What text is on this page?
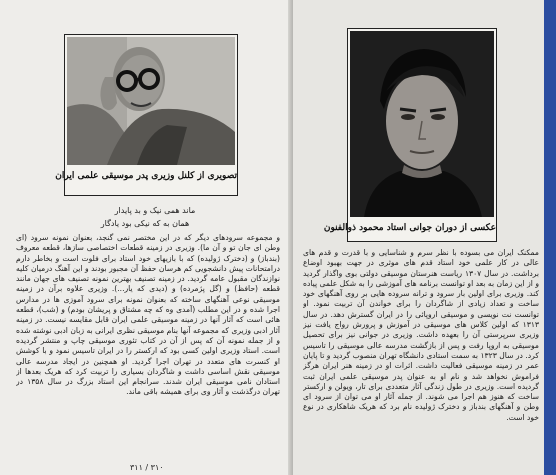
تصویری از کلنل وزیری پدر موسیقی علمی ایران
ماند همی نیک و بد پایدار
همان به که نیکی بود یادگار

و مجموعه سرودهای دیگر که در این مختصر نمی گنجد، بعنوان نمونه سرود (ای وطن ای جان تو و آن ما). وزیری در زمینه قطعات اختصاصی سازها، قطعه معروف (بندباز) و (دخترک ژولیده) که با بازیهای خود استاد برای فلوت است و بخاطر دارم درامتحانات پیش دانشجویی کم هرسان حفظ آن مجبور بودند و این آهنگ درمیان کلیه نوازندگان مقبول عامه گردید. در زمینه تصنیف بهترین نمونه تصنیف های جهان مانند قطعه (حافظ) و (گل پژمرده) و (دیدی که یار...). وزیری علاوه برآن در زمینه موسیقی نوعی آهنگهای ساخته که بعنوان نمونه برای سرود آموزی ها در مدارس اجرا شده و در این مطلب (آمدی وه که چه مشتاق و پریشان بودم) و (شب)، قطعه هائی است که آثار آنها در زمینه موسیقی علمی ایران قابل مقایسه نیست. در زمینه آثار ادبی وزیری که مجموعه آنها بنام موسیقی نظری ایرانی به زبان ادبی نوشته شده و از جمله نمونه آن که پس از آن در کتاب تئوری موسیقی چاپ و منتشر گردیده است. استاد وزیری اولین کسی بود که ارکستر را در ایران تاسیس نمود و با کوشش او کنسرت های متعدد در تهران اجرا گردید. او همچنین در ایجاد مدرسه عالی موسیقی نقش اساسی داشت و شاگردان بسیاری را تربیت کرد که هریک بعدها از استادان نامی موسیقی ایران شدند. سرانجام این استاد بزرگ در سال ۱۳۵۸ در تهران درگذشت و آثار وی برای همیشه باقی ماند.

۳۱۱ / ۳۱۰
عکسی از دوران جوانی استاد محمود ذوالفنون

ممکنک ایران می بسوده با نظر سرم و شناسایی و با قدرت و قدم های عالی در کار علمی خود استاد قدم های موثری در جهت بهبود اوضاع برداشت. در سال ۱۳۰۷ ریاست هنرستان موسیقی دولتی بوی واگذار گردید و از این زمان به بعد او توانست برنامه های آموزشی را به شکل علمی پیاده کند. وزیری برای اولین بار سرود و ترانه سروده هایی بر روی آهنگهای خود ساخت و تعداد زیادی از شاگردان را برای خواندن آن تربیت نمود. او توانست نت نویسی و موسیقی اروپائی را در ایران گسترش دهد. در سال ۱۳۱۳ که اولین کلاس های موسیقی در آموزش و پرورش رواج یافت نیز وزیری سرپرستی آن را بعهده داشت. وزیری در جوانی نیز برای تحصیل موسیقی به اروپا رفت و پس از بازگشت مدرسه عالی موسیقی را تاسیس کرد. در سال ۱۳۲۳ به سمت استادی دانشگاه تهران منصوب گردید و تا پایان عمر در زمینه موسیقی فعالیت داشت. اثرات او در زمینه هنر ایران هرگز فراموش نخواهد شد و نام او به عنوان پدر موسیقی علمی ایران ثبت گردیده است. وزیری در طول زندگی آثار متعددی برای تار، ویولن و ارکستر ساخت که هنوز هم اجرا می شوند. از جمله آثار او می توان از سرود ای وطن و آهنگهای بندباز و دخترک ژولیده نام برد که هریک شاهکاری در نوع خود است.
